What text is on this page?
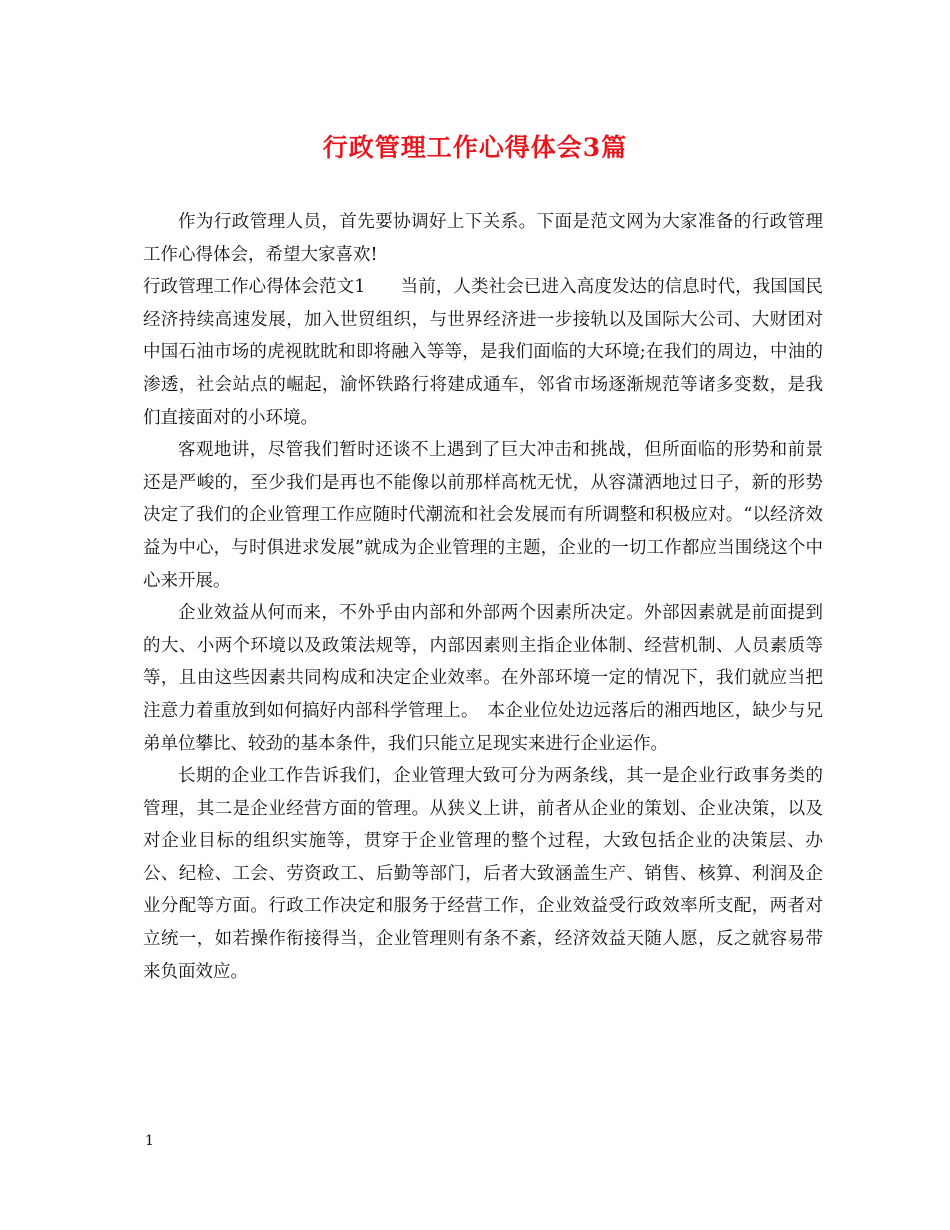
行政管理工作心得体会3篇

作为行政管理人员，首先要协调好上下关系。下面是范文网为大家准备的行政管理工作心得体会，希望大家喜欢!

行政管理工作心得体会范文1　　当前，人类社会已进入高度发达的信息时代，我国国民经济持续高速发展，加入世贸组织，与世界经济进一步接轨以及国际大公司、大财团对中国石油市场的虎视眈眈和即将融入等等，是我们面临的大环境;在我们的周边，中油的渗透，社会站点的崛起，渝怀铁路行将建成通车，邻省市场逐渐规范等诸多变数，是我们直接面对的小环境。

客观地讲，尽管我们暂时还谈不上遇到了巨大冲击和挑战，但所面临的形势和前景还是严峻的，至少我们是再也不能像以前那样高枕无忧，从容潇洒地过日子，新的形势决定了我们的企业管理工作应随时代潮流和社会发展而有所调整和积极应对。“以经济效益为中心，与时俱进求发展”就成为企业管理的主题，企业的一切工作都应当围绕这个中心来开展。

企业效益从何而来，不外乎由内部和外部两个因素所决定。外部因素就是前面提到的大、小两个环境以及政策法规等，内部因素则主指企业体制、经营机制、人员素质等等，且由这些因素共同构成和决定企业效率。在外部环境一定的情况下，我们就应当把注意力着重放到如何搞好内部科学管理上。　本企业位处边远落后的湘西地区，缺少与兄弟单位攀比、较劲的基本条件，我们只能立足现实来进行企业运作。

长期的企业工作告诉我们，企业管理大致可分为两条线，其一是企业行政事务类的管理，其二是企业经营方面的管理。从狭义上讲，前者从企业的策划、企业决策，以及对企业目标的组织实施等，贯穿于企业管理的整个过程，大致包括企业的决策层、办公、纪检、工会、劳资政工、后勤等部门，后者大致涵盖生产、销售、核算、利润及企业分配等方面。行政工作决定和服务于经营工作，企业效益受行政效率所支配，两者对立统一，如若操作衔接得当，企业管理则有条不紊，经济效益天随人愿，反之就容易带来负面效应。

1
